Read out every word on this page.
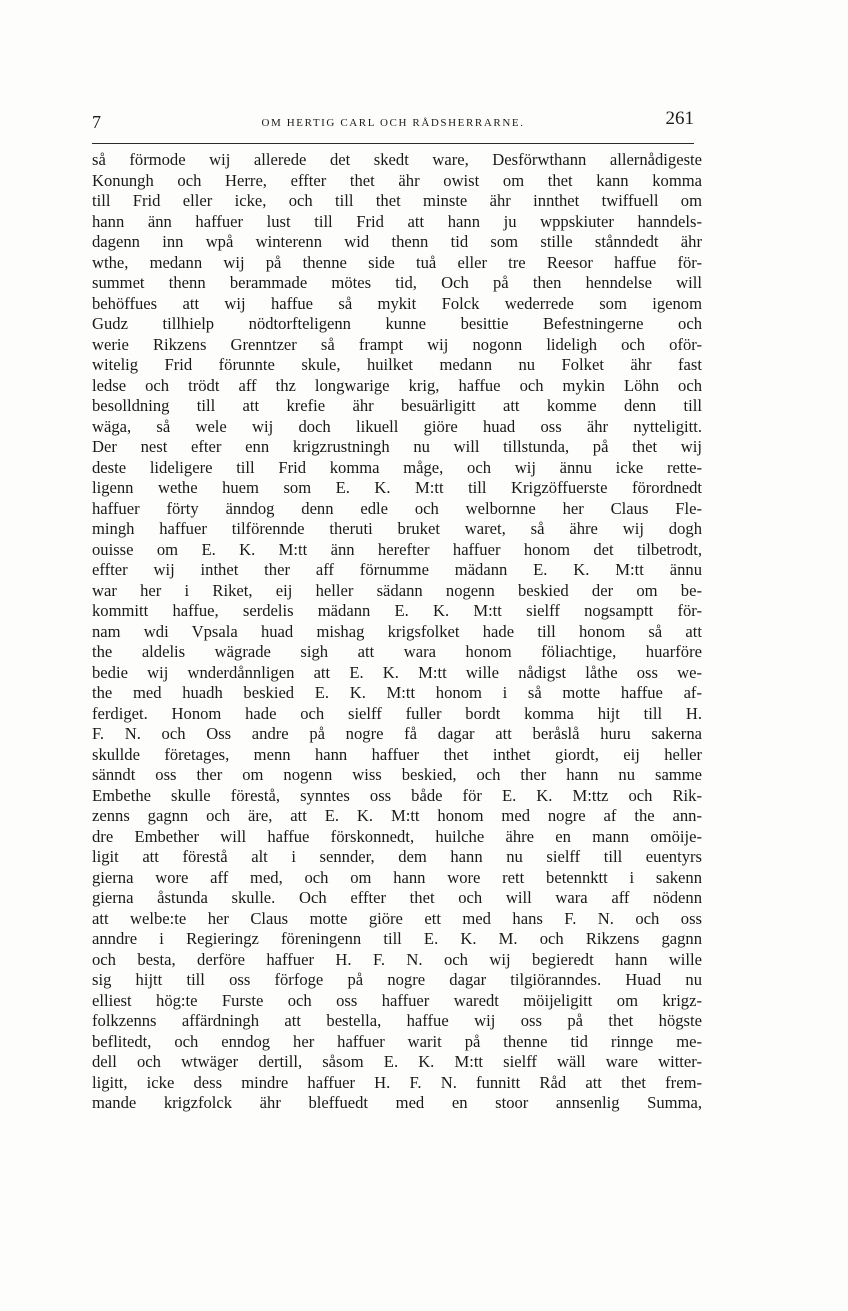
7	OM HERTIG CARL OCH RÅDSHERRARNE.	261
så förmode wij allerede det skedt ware, Desförwthann allernådigeste
Konungh och Herre, effter thet ähr owist om thet kann komma
till Frid eller icke, och till thet minste ähr innthet twiffuell om
hann änn haffuer lust till Frid att hann ju wppskiuter hanndels-
dagenn inn wpå winterenn wid thenn tid som stille stånndedt ähr
wthe, medann wij på thenne side tuå eller tre Reesor haffue för-
summet thenn berammade mötes tid, Och på then henndelse will
behöffues att wij haffue så mykit Folck wederrede som igenom
Gudz tillhielp nödtorfteligenn kunne besittie Befestningerne och
werie Rikzens Grenntzer så frampt wij nogonn lideligh och oför-
witelig Frid förunnte skule, huilket medann nu Folket ähr fast
ledse och trödt aff thz longwarige krig, haffue och mykin Löhn och
besolldning till att krefie ähr besuärligitt att komme denn till
wäga, så wele wij doch likuell giöre huad oss ähr nytteligitt.
Der nest efter enn krigzrustningh nu will tillstunda, på thet wij
deste lideligere till Frid komma måge, och wij ännu icke rette-
ligenn wethe huem som E. K. M:tt till Krigzöffuerste förordnedt
haffuer förty änndog denn edle och welbornne her Claus Fle-
mingh haffuer tilförennde theruti bruket waret, så ähre wij dogh
ouisse om E. K. M:tt änn herefter haffuer honom det tilbetrodt,
effter wij inthet ther aff förnumme mädann E. K. M:tt ännu
war her i Riket, eij heller sädann nogenn beskied der om be-
kommitt haffue, serdelis mädann E. K. M:tt sielff nogsamptt för-
nam wdi Vpsala huad mishag krigsfolket hade till honom så att
the aldelis wägrade sigh att wara honom föliachtige, huarföre
bedie wij wnderdånnligen att E. K. M:tt wille nådigst låthe oss we-
the med huadh beskied E. K. M:tt honom i så motte haffue af-
ferdiget. Honom hade och sielff fuller bordt komma hijt till H.
F. N. och Oss andre på nogre få dagar att beråslå huru sakerna
skullde företages, menn hann haffuer thet inthet giordt, eij heller
sänndt oss ther om nogenn wiss beskied, och ther hann nu samme
Embethe skulle förestå, synntes oss både för E. K. M:ttz och Rik-
zenns gagnn och äre, att E. K. M:tt honom med nogre af the ann-
dre Embether will haffue förskonnedt, huilche ähre en mann omöije-
ligit att förestå alt i sennder, dem hann nu sielff till euentyrs
gierna wore aff med, och om hann wore rett betennktt i sakenn
gierna åstunda skulle. Och effter thet och will wara aff nödenn
att welbe:te her Claus motte giöre ett med hans F. N. och oss
anndre i Regieringz föreningenn till E. K. M. och Rikzens gagnn
och besta, derföre haffuer H. F. N. och wij begieredt hann wille
sig hijtt till oss förfoge på nogre dagar tilgiöranndes. Huad nu
elliest hög:te Furste och oss haffuer waredt möijeligitt om krigz-
folkzenns affärdningh att bestella, haffue wij oss på thet högste
beflitedt, och enndog her haffuer warit på thenne tid rinnge me-
dell och wtwäger dertill, såsom E. K. M:tt sielff wäll ware witter-
ligitt, icke dess mindre haffuer H. F. N. funnitt Råd att thet frem-
mande krigzfolck ähr bleffuedt med en stoor annsenlig Summa,
